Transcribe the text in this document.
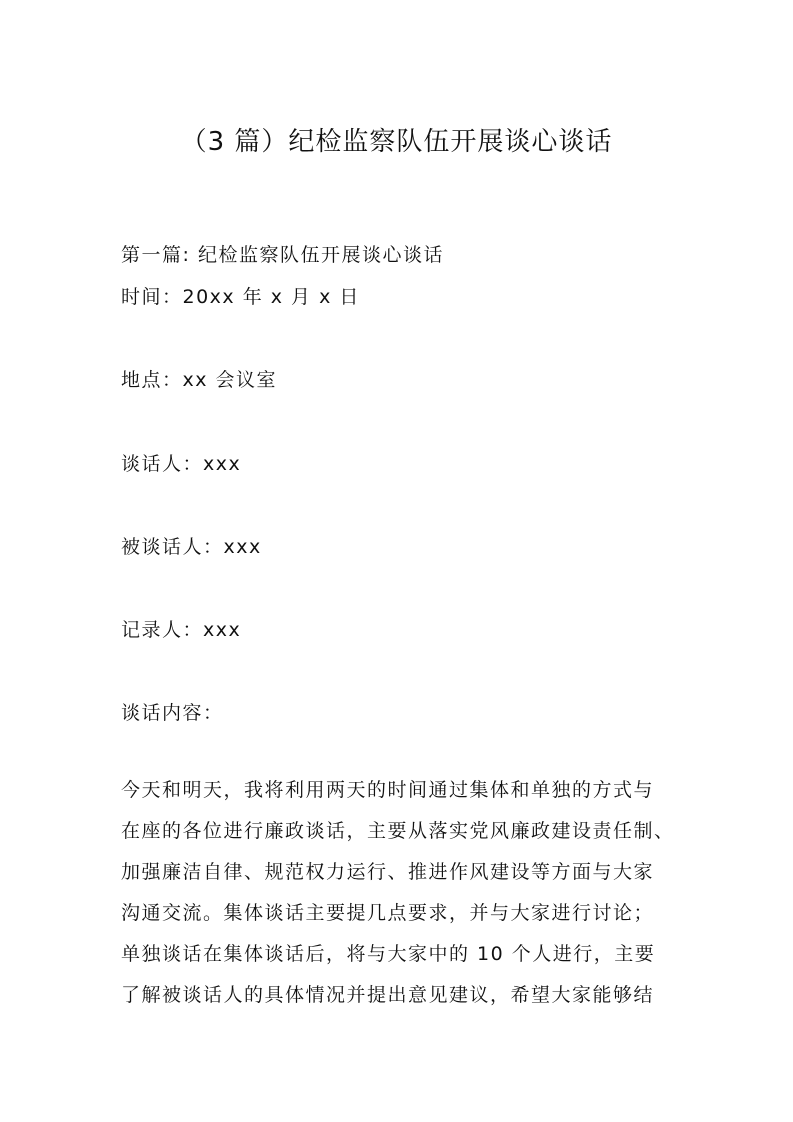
（3 篇）纪检监察队伍开展谈心谈话
第一篇: 纪检监察队伍开展谈心谈话
时间：20xx 年 x 月 x 日
地点：xx 会议室
谈话人：xxx
被谈话人：xxx
记录人：xxx
谈话内容：
今天和明天，我将利用两天的时间通过集体和单独的方式与
在座的各位进行廉政谈话，主要从落实党风廉政建设责任制、
加强廉洁自律、规范权力运行、推进作风建设等方面与大家
沟通交流。集体谈话主要提几点要求，并与大家进行讨论；
单独谈话在集体谈话后，将与大家中的 10 个人进行，主要
了解被谈话人的具体情况并提出意见建议，希望大家能够结
